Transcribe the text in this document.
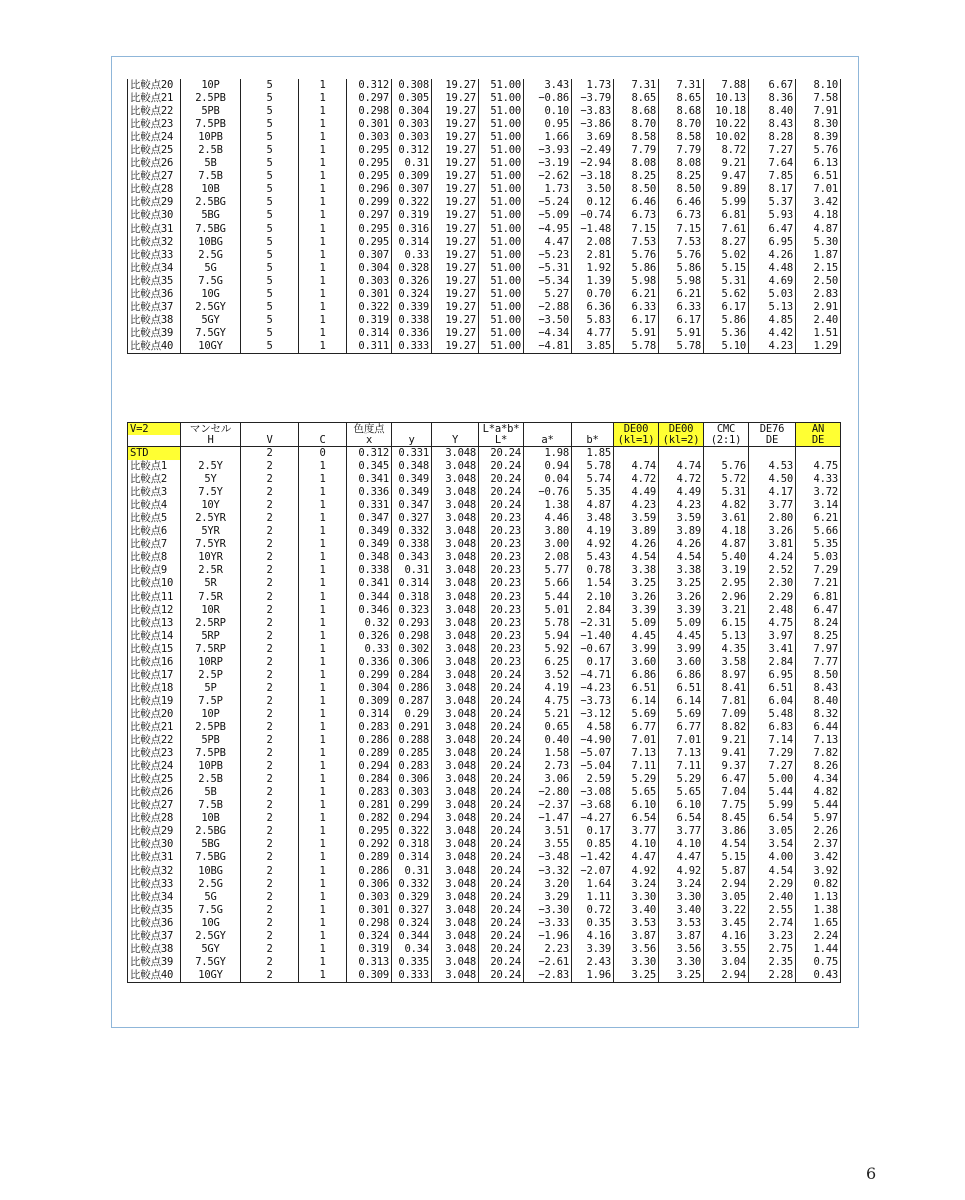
比較点20	10P	5	1	0.312	0.308	19.27	51.00	3.43	1.73	7.31	7.31	7.88	6.67	8.10
比較点21	2.5PB	5	1	0.297	0.305	19.27	51.00	−0.86	−3.79	8.65	8.65	10.13	8.36	7.58
比較点22	5PB	5	1	0.298	0.304	19.27	51.00	0.10	−3.83	8.68	8.68	10.18	8.40	7.91
比較点23	7.5PB	5	1	0.301	0.303	19.27	51.00	0.95	−3.86	8.70	8.70	10.22	8.43	8.30
比較点24	10PB	5	1	0.303	0.303	19.27	51.00	1.66	3.69	8.58	8.58	10.02	8.28	8.39
比較点25	2.5B	5	1	0.295	0.312	19.27	51.00	−3.93	−2.49	7.79	7.79	8.72	7.27	5.76
比較点26	5B	5	1	0.295	0.31	19.27	51.00	−3.19	−2.94	8.08	8.08	9.21	7.64	6.13
比較点27	7.5B	5	1	0.295	0.309	19.27	51.00	−2.62	−3.18	8.25	8.25	9.47	7.85	6.51
比較点28	10B	5	1	0.296	0.307	19.27	51.00	1.73	3.50	8.50	8.50	9.89	8.17	7.01
比較点29	2.5BG	5	1	0.299	0.322	19.27	51.00	−5.24	0.12	6.46	6.46	5.99	5.37	3.42
比較点30	5BG	5	1	0.297	0.319	19.27	51.00	−5.09	−0.74	6.73	6.73	6.81	5.93	4.18
比較点31	7.5BG	5	1	0.295	0.316	19.27	51.00	−4.95	−1.48	7.15	7.15	7.61	6.47	4.87
比較点32	10BG	5	1	0.295	0.314	19.27	51.00	4.47	2.08	7.53	7.53	8.27	6.95	5.30
比較点33	2.5G	5	1	0.307	0.33	19.27	51.00	−5.23	2.81	5.76	5.76	5.02	4.26	1.87
比較点34	5G	5	1	0.304	0.328	19.27	51.00	−5.31	1.92	5.86	5.86	5.15	4.48	2.15
比較点35	7.5G	5	1	0.303	0.326	19.27	51.00	−5.34	1.39	5.98	5.98	5.31	4.69	2.50
比較点36	10G	5	1	0.301	0.324	19.27	51.00	5.27	0.70	6.21	6.21	5.62	5.03	2.83
比較点37	2.5GY	5	1	0.322	0.339	19.27	51.00	−2.88	6.36	6.33	6.33	6.17	5.13	2.91
比較点38	5GY	5	1	0.319	0.338	19.27	51.00	−3.50	5.83	6.17	6.17	5.86	4.85	2.40
比較点39	7.5GY	5	1	0.314	0.336	19.27	51.00	−4.34	4.77	5.91	5.91	5.36	4.42	1.51
比較点40	10GY	5	1	0.311	0.333	19.27	51.00	−4.81	3.85	5.78	5.78	5.10	4.23	1.29
V=2	マンセル			色度点			L*a*b*			DE00	DE00	CMC	DE76	AN
	H	V	C	x	y	Y	L*	a*	b*	(kl=1)	(kl=2)	(2:1)	DE	DE
STD		2	0	0.312	0.331	3.048	20.24	1.98	1.85					
比較点1	2.5Y	2	1	0.345	0.348	3.048	20.24	0.94	5.78	4.74	4.74	5.76	4.53	4.75
比較点2	5Y	2	1	0.341	0.349	3.048	20.24	0.04	5.74	4.72	4.72	5.72	4.50	4.33
比較点3	7.5Y	2	1	0.336	0.349	3.048	20.24	−0.76	5.35	4.49	4.49	5.31	4.17	3.72
比較点4	10Y	2	1	0.331	0.347	3.048	20.24	1.38	4.87	4.23	4.23	4.82	3.77	3.14
比較点5	2.5YR	2	1	0.347	0.327	3.048	20.23	4.46	3.48	3.59	3.59	3.61	2.80	6.21
比較点6	5YR	2	1	0.349	0.332	3.048	20.23	3.80	4.19	3.89	3.89	4.18	3.26	5.66
比較点7	7.5YR	2	1	0.349	0.338	3.048	20.23	3.00	4.92	4.26	4.26	4.87	3.81	5.35
比較点8	10YR	2	1	0.348	0.343	3.048	20.23	2.08	5.43	4.54	4.54	5.40	4.24	5.03
比較点9	2.5R	2	1	0.338	0.31	3.048	20.23	5.77	0.78	3.38	3.38	3.19	2.52	7.29
比較点10	5R	2	1	0.341	0.314	3.048	20.23	5.66	1.54	3.25	3.25	2.95	2.30	7.21
比較点11	7.5R	2	1	0.344	0.318	3.048	20.23	5.44	2.10	3.26	3.26	2.96	2.29	6.81
比較点12	10R	2	1	0.346	0.323	3.048	20.23	5.01	2.84	3.39	3.39	3.21	2.48	6.47
比較点13	2.5RP	2	1	0.32	0.293	3.048	20.23	5.78	−2.31	5.09	5.09	6.15	4.75	8.24
比較点14	5RP	2	1	0.326	0.298	3.048	20.23	5.94	−1.40	4.45	4.45	5.13	3.97	8.25
比較点15	7.5RP	2	1	0.33	0.302	3.048	20.23	5.92	−0.67	3.99	3.99	4.35	3.41	7.97
比較点16	10RP	2	1	0.336	0.306	3.048	20.23	6.25	0.17	3.60	3.60	3.58	2.84	7.77
比較点17	2.5P	2	1	0.299	0.284	3.048	20.24	3.52	−4.71	6.86	6.86	8.97	6.95	8.50
比較点18	5P	2	1	0.304	0.286	3.048	20.24	4.19	−4.23	6.51	6.51	8.41	6.51	8.43
比較点19	7.5P	2	1	0.309	0.287	3.048	20.24	4.75	−3.73	6.14	6.14	7.81	6.04	8.40
比較点20	10P	2	1	0.314	0.29	3.048	20.24	5.21	−3.12	5.69	5.69	7.09	5.48	8.32
比較点21	2.5PB	2	1	0.283	0.291	3.048	20.24	0.65	4.58	6.77	6.77	8.82	6.83	6.44
比較点22	5PB	2	1	0.286	0.288	3.048	20.24	0.40	−4.90	7.01	7.01	9.21	7.14	7.13
比較点23	7.5PB	2	1	0.289	0.285	3.048	20.24	1.58	−5.07	7.13	7.13	9.41	7.29	7.82
比較点24	10PB	2	1	0.294	0.283	3.048	20.24	2.73	−5.04	7.11	7.11	9.37	7.27	8.26
比較点25	2.5B	2	1	0.284	0.306	3.048	20.24	3.06	2.59	5.29	5.29	6.47	5.00	4.34
比較点26	5B	2	1	0.283	0.303	3.048	20.24	−2.80	−3.08	5.65	5.65	7.04	5.44	4.82
比較点27	7.5B	2	1	0.281	0.299	3.048	20.24	−2.37	−3.68	6.10	6.10	7.75	5.99	5.44
比較点28	10B	2	1	0.282	0.294	3.048	20.24	−1.47	−4.27	6.54	6.54	8.45	6.54	5.97
比較点29	2.5BG	2	1	0.295	0.322	3.048	20.24	3.51	0.17	3.77	3.77	3.86	3.05	2.26
比較点30	5BG	2	1	0.292	0.318	3.048	20.24	3.55	0.85	4.10	4.10	4.54	3.54	2.37
比較点31	7.5BG	2	1	0.289	0.314	3.048	20.24	−3.48	−1.42	4.47	4.47	5.15	4.00	3.42
比較点32	10BG	2	1	0.286	0.31	3.048	20.24	−3.32	−2.07	4.92	4.92	5.87	4.54	3.92
比較点33	2.5G	2	1	0.306	0.332	3.048	20.24	3.20	1.64	3.24	3.24	2.94	2.29	0.82
比較点34	5G	2	1	0.303	0.329	3.048	20.24	3.29	1.11	3.30	3.30	3.05	2.40	1.13
比較点35	7.5G	2	1	0.301	0.327	3.048	20.24	−3.30	0.72	3.40	3.40	3.22	2.55	1.38
比較点36	10G	2	1	0.298	0.324	3.048	20.24	−3.33	0.35	3.53	3.53	3.45	2.74	1.65
比較点37	2.5GY	2	1	0.324	0.344	3.048	20.24	−1.96	4.16	3.87	3.87	4.16	3.23	2.24
比較点38	5GY	2	1	0.319	0.34	3.048	20.24	2.23	3.39	3.56	3.56	3.55	2.75	1.44
比較点39	7.5GY	2	1	0.313	0.335	3.048	20.24	−2.61	2.43	3.30	3.30	3.04	2.35	0.75
比較点40	10GY	2	1	0.309	0.333	3.048	20.24	−2.83	1.96	3.25	3.25	2.94	2.28	0.43
6
